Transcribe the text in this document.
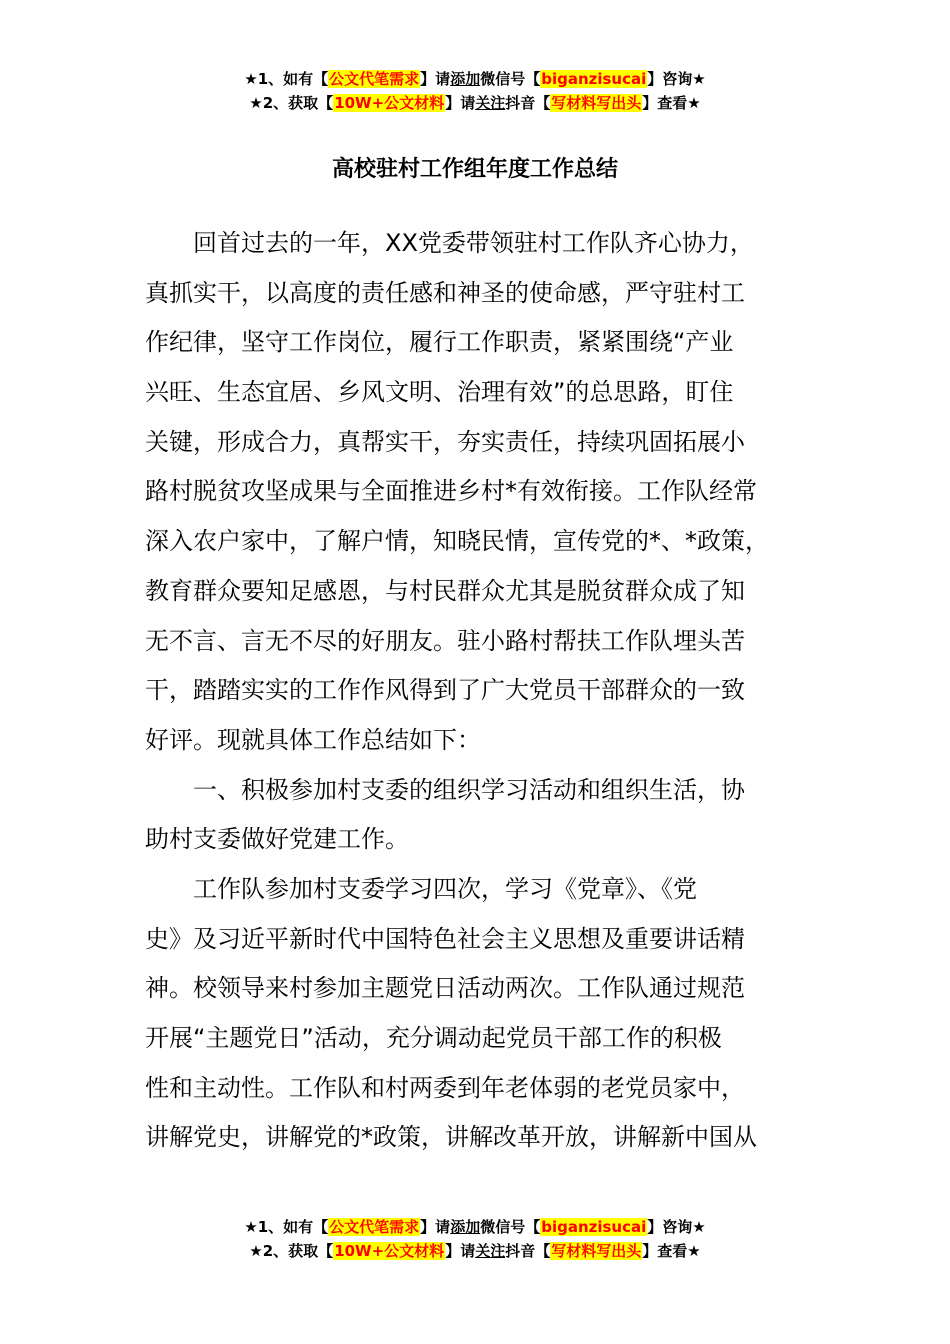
★1、如有【公文代笔需求】请添加微信号【biganzisucai】咨询★
★2、获取【10W+公文材料】请关注抖音【写材料写出头】查看★
高校驻村工作组年度工作总结
　　回首过去的一年，XX党委带领驻村工作队齐心协力，
真抓实干，以高度的责任感和神圣的使命感，严守驻村工
作纪律，坚守工作岗位，履行工作职责，紧紧围绕“产业
兴旺、生态宜居、乡风文明、治理有效”的总思路，盯住
关键，形成合力，真帮实干，夯实责任，持续巩固拓展小
路村脱贫攻坚成果与全面推进乡村*有效衔接。工作队经常
深入农户家中，了解户情，知晓民情，宣传党的*、*政策，
教育群众要知足感恩，与村民群众尤其是脱贫群众成了知
无不言、言无不尽的好朋友。驻小路村帮扶工作队埋头苦
干，踏踏实实的工作作风得到了广大党员干部群众的一致
好评。现就具体工作总结如下：
　　一、积极参加村支委的组织学习活动和组织生活，协
助村支委做好党建工作。
　　工作队参加村支委学习四次，学习《党章》、《党
史》及习近平新时代中国特色社会主义思想及重要讲话精
神。校领导来村参加主题党日活动两次。工作队通过规范
开展“主题党日”活动，充分调动起党员干部工作的积极
性和主动性。工作队和村两委到年老体弱的老党员家中，
讲解党史，讲解党的*政策，讲解改革开放，讲解新中国从
★1、如有【公文代笔需求】请添加微信号【biganzisucai】咨询★
★2、获取【10W+公文材料】请关注抖音【写材料写出头】查看★
